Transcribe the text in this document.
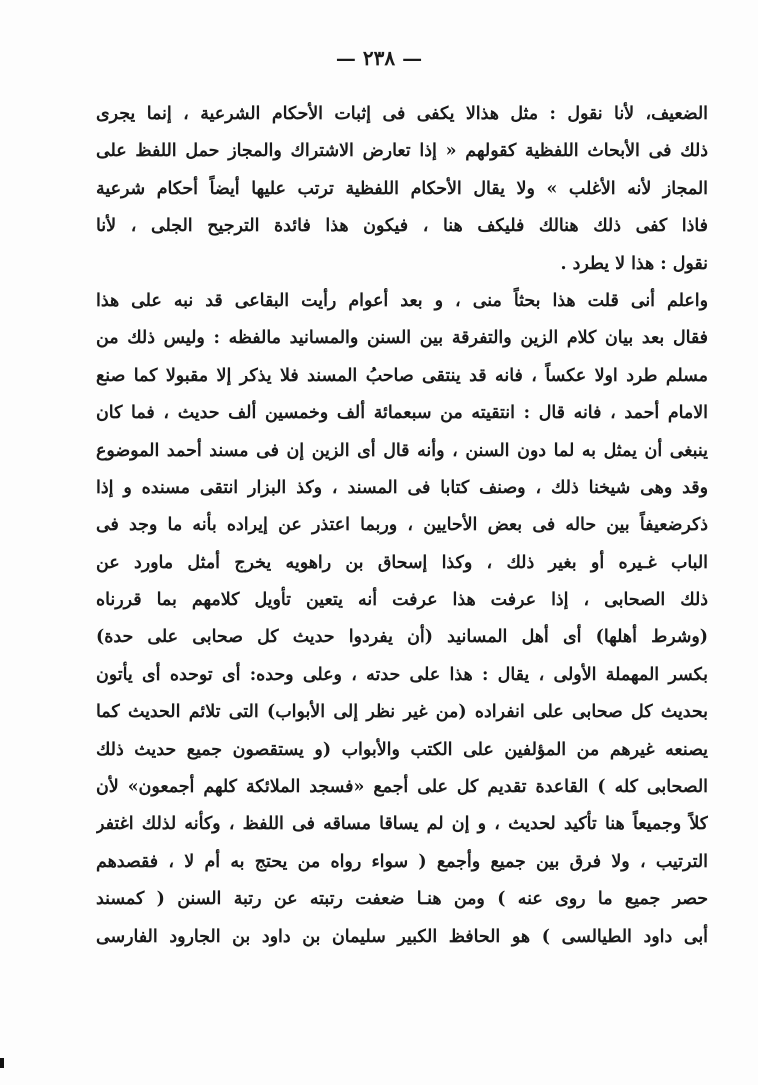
— ٢٣٨ —
الضعيف، لأنا نقول : مثل هذالا يكفى فى إثبات الأحكام الشرعية ، إنما يجرى
ذلك فى الأبحاث اللفظية كقولهم « إذا تعارض الاشتراك والمجاز حمل اللفظ على
المجاز لأنه الأغلب » ولا يقال الأحكام اللفظية ترتب عليها أيضاً أحكام شرعية
فاذا كفى ذلك هنالك فليكف هنا ، فيكون هذا فائدة الترجيح الجلى ، لأنا
نقول : هذا لا يطرد .
واعلم أنى قلت هذا بحثاً منى ، و بعد أعوام رأيت البقاعى قد نبه على هذا
فقال بعد بيان كلام الزين والتفرقة بين السنن والمسانيد مالفظه : وليس ذلك من
مسلم طرد اولا عكساً ، فانه قد ينتقى صاحبُ المسند فلا يذكر إلا مقبولا كما صنع
الامام أحمد ، فانه قال : انتقيته من سبعمائة ألف وخمسين ألف حديث ، فما كان
ينبغى أن يمثل به لما دون السنن ، وأنه قال أى الزين إن فى مسند أحمد الموضوع
وقد وهى شيخنا ذلك ، وصنف كتابا فى المسند ، وكذ البزار انتقى مسنده و إذا
ذكرضعيفاً بين حاله فى بعض الأحايين ، وربما اعتذر عن إيراده بأنه ما وجد فى
الباب غـيره أو بغير ذلك ، وكذا إسحاق بن راهويه يخرج أمثل ماورد عن
ذلك الصحابى ، إذا عرفت هذا عرفت أنه يتعين تأويل كلامهم بما قررناه
(وشرط أهلها) أى أهل المسانيد (أن يفردوا حديث كل صحابى على حدة)
بكسر المهملة الأولى ، يقال : هذا على حدته ، وعلى وحده: أى توحده أى يأتون
بحديث كل صحابى على انفراده (من غير نظر إلى الأبواب) التى تلائم الحديث كما
يصنعه غيرهم من المؤلفين على الكتب والأبواب (و يستقصون جميع حديث ذلك
الصحابى كله ) القاعدة تقديم كل على أجمع «فسجد الملائكة كلهم أجمعون» لأن
كلاً وجميعاً هنا تأكيد لحديث ، و إن لم يساقا مساقه فى اللفظ ، وكأنه لذلك اغتفر
الترتيب ، ولا فرق بين جميع وأجمع ( سواء رواه من يحتج به أم لا ، فقصدهم
حصر جميع ما روى عنه ) ومن هنـا ضعفت رتبته عن رتبة السنن ( كمسند
أبى داود الطيالسى ) هو الحافظ الكبير سليمان بن داود بن الجارود الفارسى
